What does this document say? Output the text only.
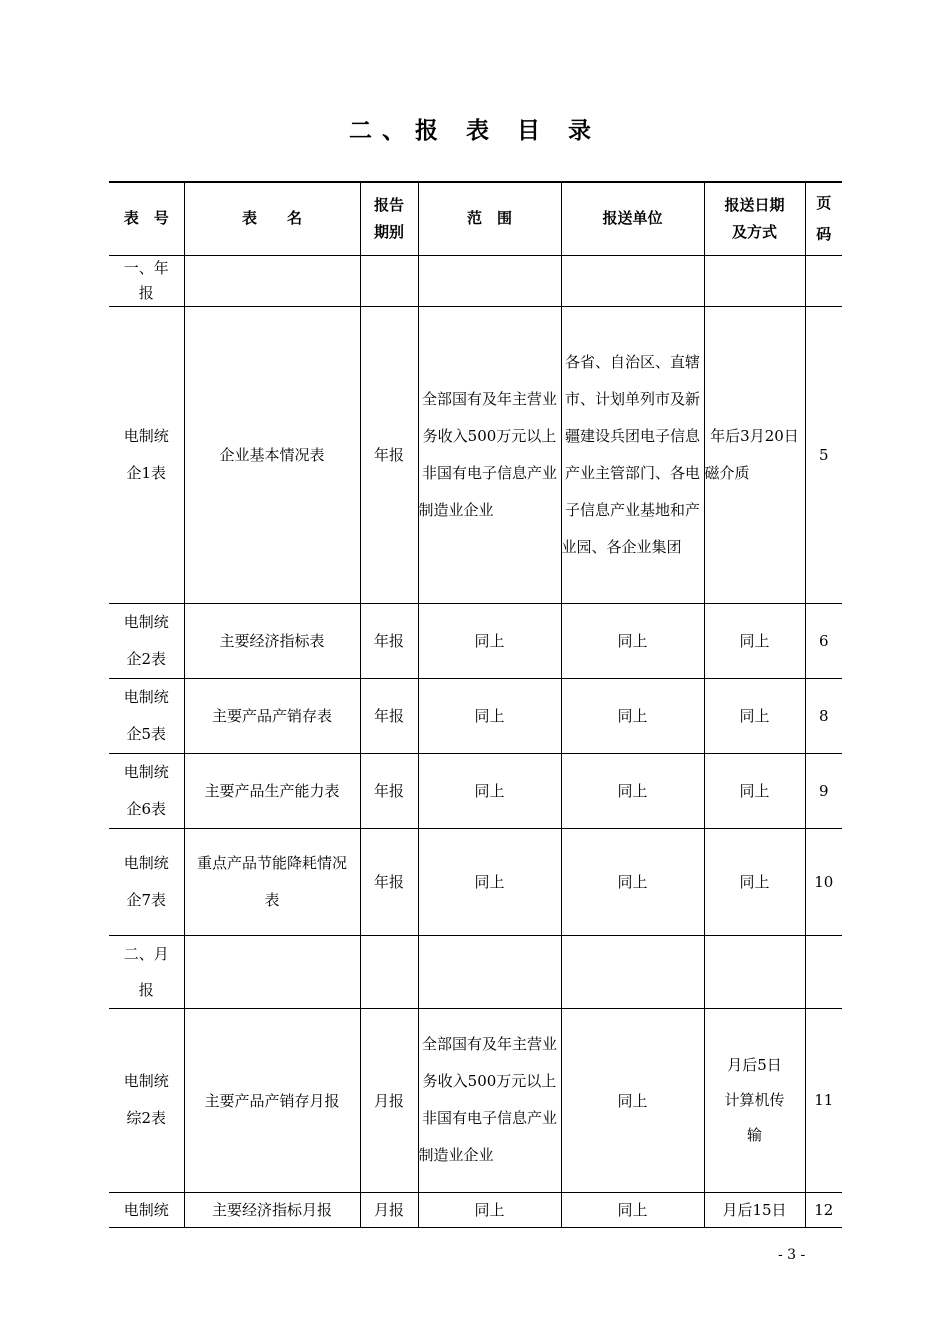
二、报 表 目 录
表　号	表　　名	报告期别	范　围	报送单位	报送日期及方式	页码

一、年报						

电制统企1表	企业基本情况表	年报	全部国有及年主营业务收入500万元以上非国有电子信息产业制造业企业	各省、自治区、直辖市、计划单列市及新疆建设兵团电子信息产业主管部门、各电子信息产业基地和产业园、各企业集团	年后3月20日磁介质	5

电制统企2表	主要经济指标表	年报	同上	同上	同上	6

电制统企5表	主要产品产销存表	年报	同上	同上	同上	8

电制统企6表	主要产品生产能力表	年报	同上	同上	同上	9

电制统企7表	重点产品节能降耗情况表	年报	同上	同上	同上	10

二、月报						

电制统综2表	主要产品产销存月报	月报	全部国有及年主营业务收入500万元以上非国有电子信息产业制造业企业	同上	月后5日计算机传输	11
电制统	主要经济指标月报	月报	同上	同上	月后15日	12
- 3 -
